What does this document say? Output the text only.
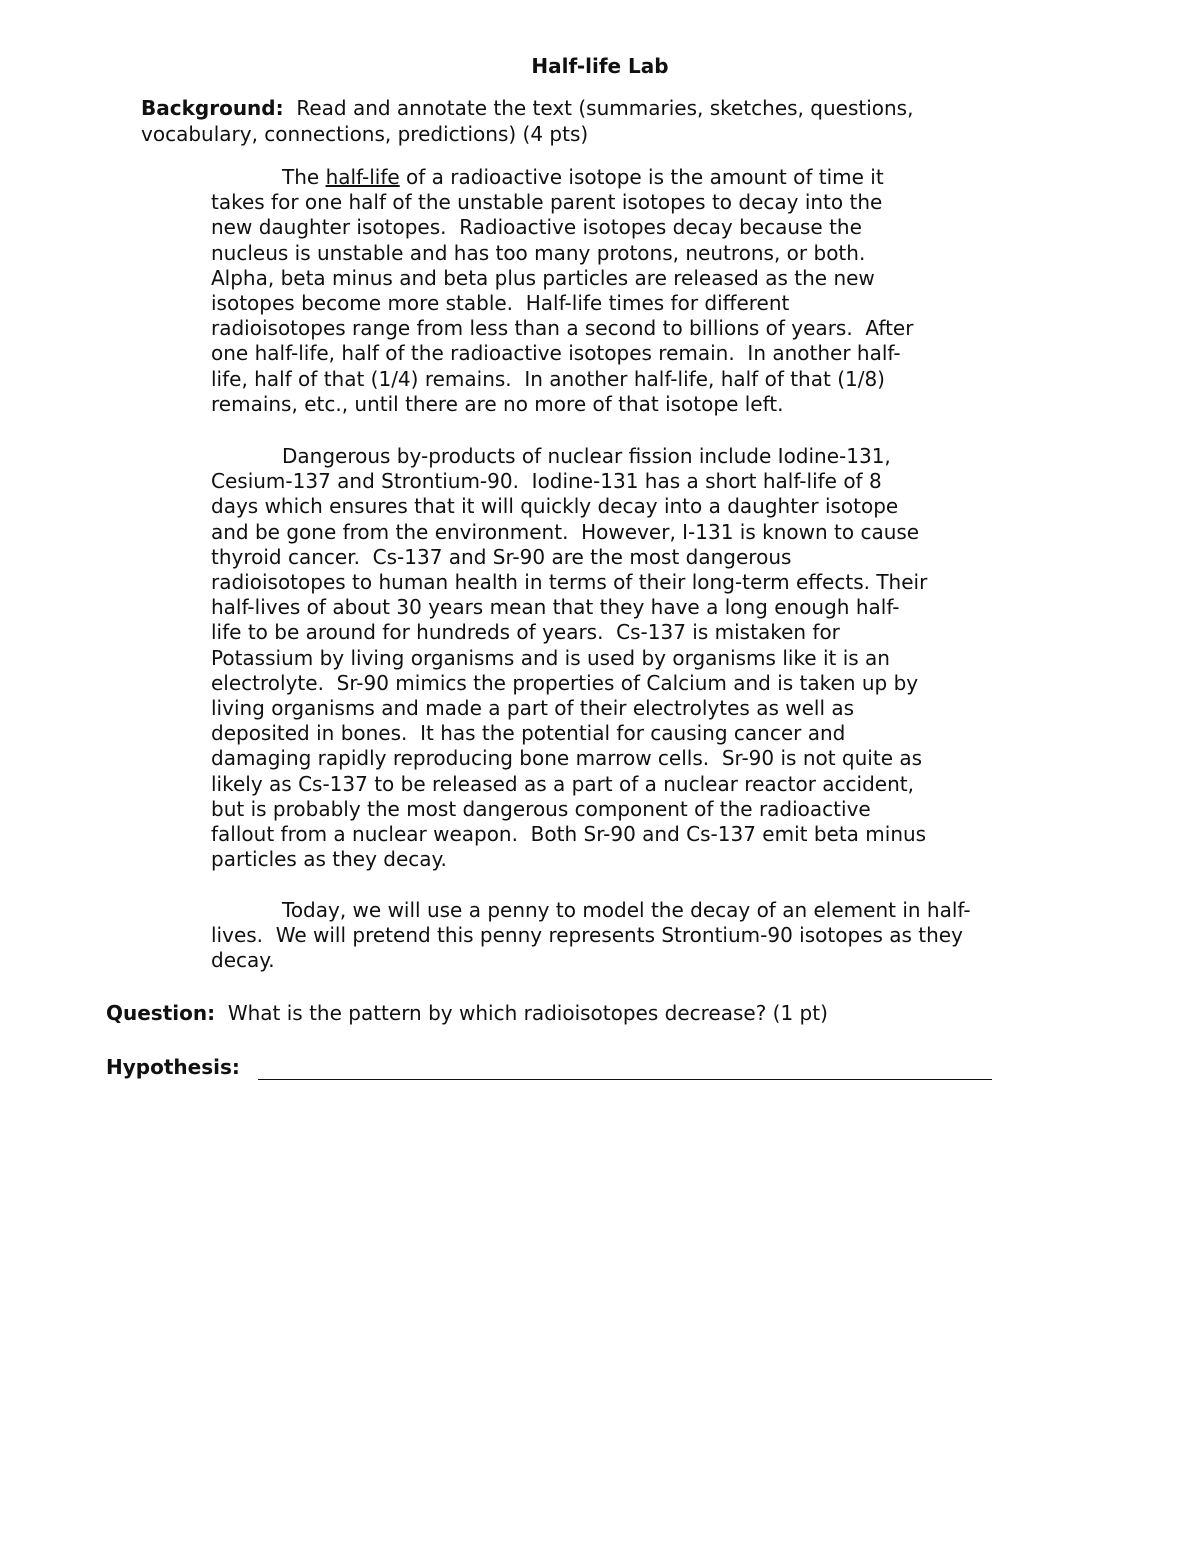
Half-life Lab
Background: Read and annotate the text (summaries, sketches, questions,
vocabulary, connections, predictions) (4 pts)
The half-life of a radioactive isotope is the amount of time it
takes for one half of the unstable parent isotopes to decay into the
new daughter isotopes.  Radioactive isotopes decay because the
nucleus is unstable and has too many protons, neutrons, or both.
Alpha, beta minus and beta plus particles are released as the new
isotopes become more stable.  Half-life times for different
radioisotopes range from less than a second to billions of years.  After
one half-life, half of the radioactive isotopes remain.  In another half-
life, half of that (1/4) remains.  In another half-life, half of that (1/8)
remains, etc., until there are no more of that isotope left.
Dangerous by-products of nuclear fission include Iodine-131,
Cesium-137 and Strontium-90.  Iodine-131 has a short half-life of 8
days which ensures that it will quickly decay into a daughter isotope
and be gone from the environment.  However, I-131 is known to cause
thyroid cancer.  Cs-137 and Sr-90 are the most dangerous
radioisotopes to human health in terms of their long-term effects. Their
half-lives of about 30 years mean that they have a long enough half-
life to be around for hundreds of years.  Cs-137 is mistaken for
Potassium by living organisms and is used by organisms like it is an
electrolyte.  Sr-90 mimics the properties of Calcium and is taken up by
living organisms and made a part of their electrolytes as well as
deposited in bones.  It has the potential for causing cancer and
damaging rapidly reproducing bone marrow cells.  Sr-90 is not quite as
likely as Cs-137 to be released as a part of a nuclear reactor accident,
but is probably the most dangerous component of the radioactive
fallout from a nuclear weapon.  Both Sr-90 and Cs-137 emit beta minus
particles as they decay.
Today, we will use a penny to model the decay of an element in half-
lives.  We will pretend this penny represents Strontium-90 isotopes as they
decay.
Question: What is the pattern by which radioisotopes decrease? (1 pt)
Hypothesis:
